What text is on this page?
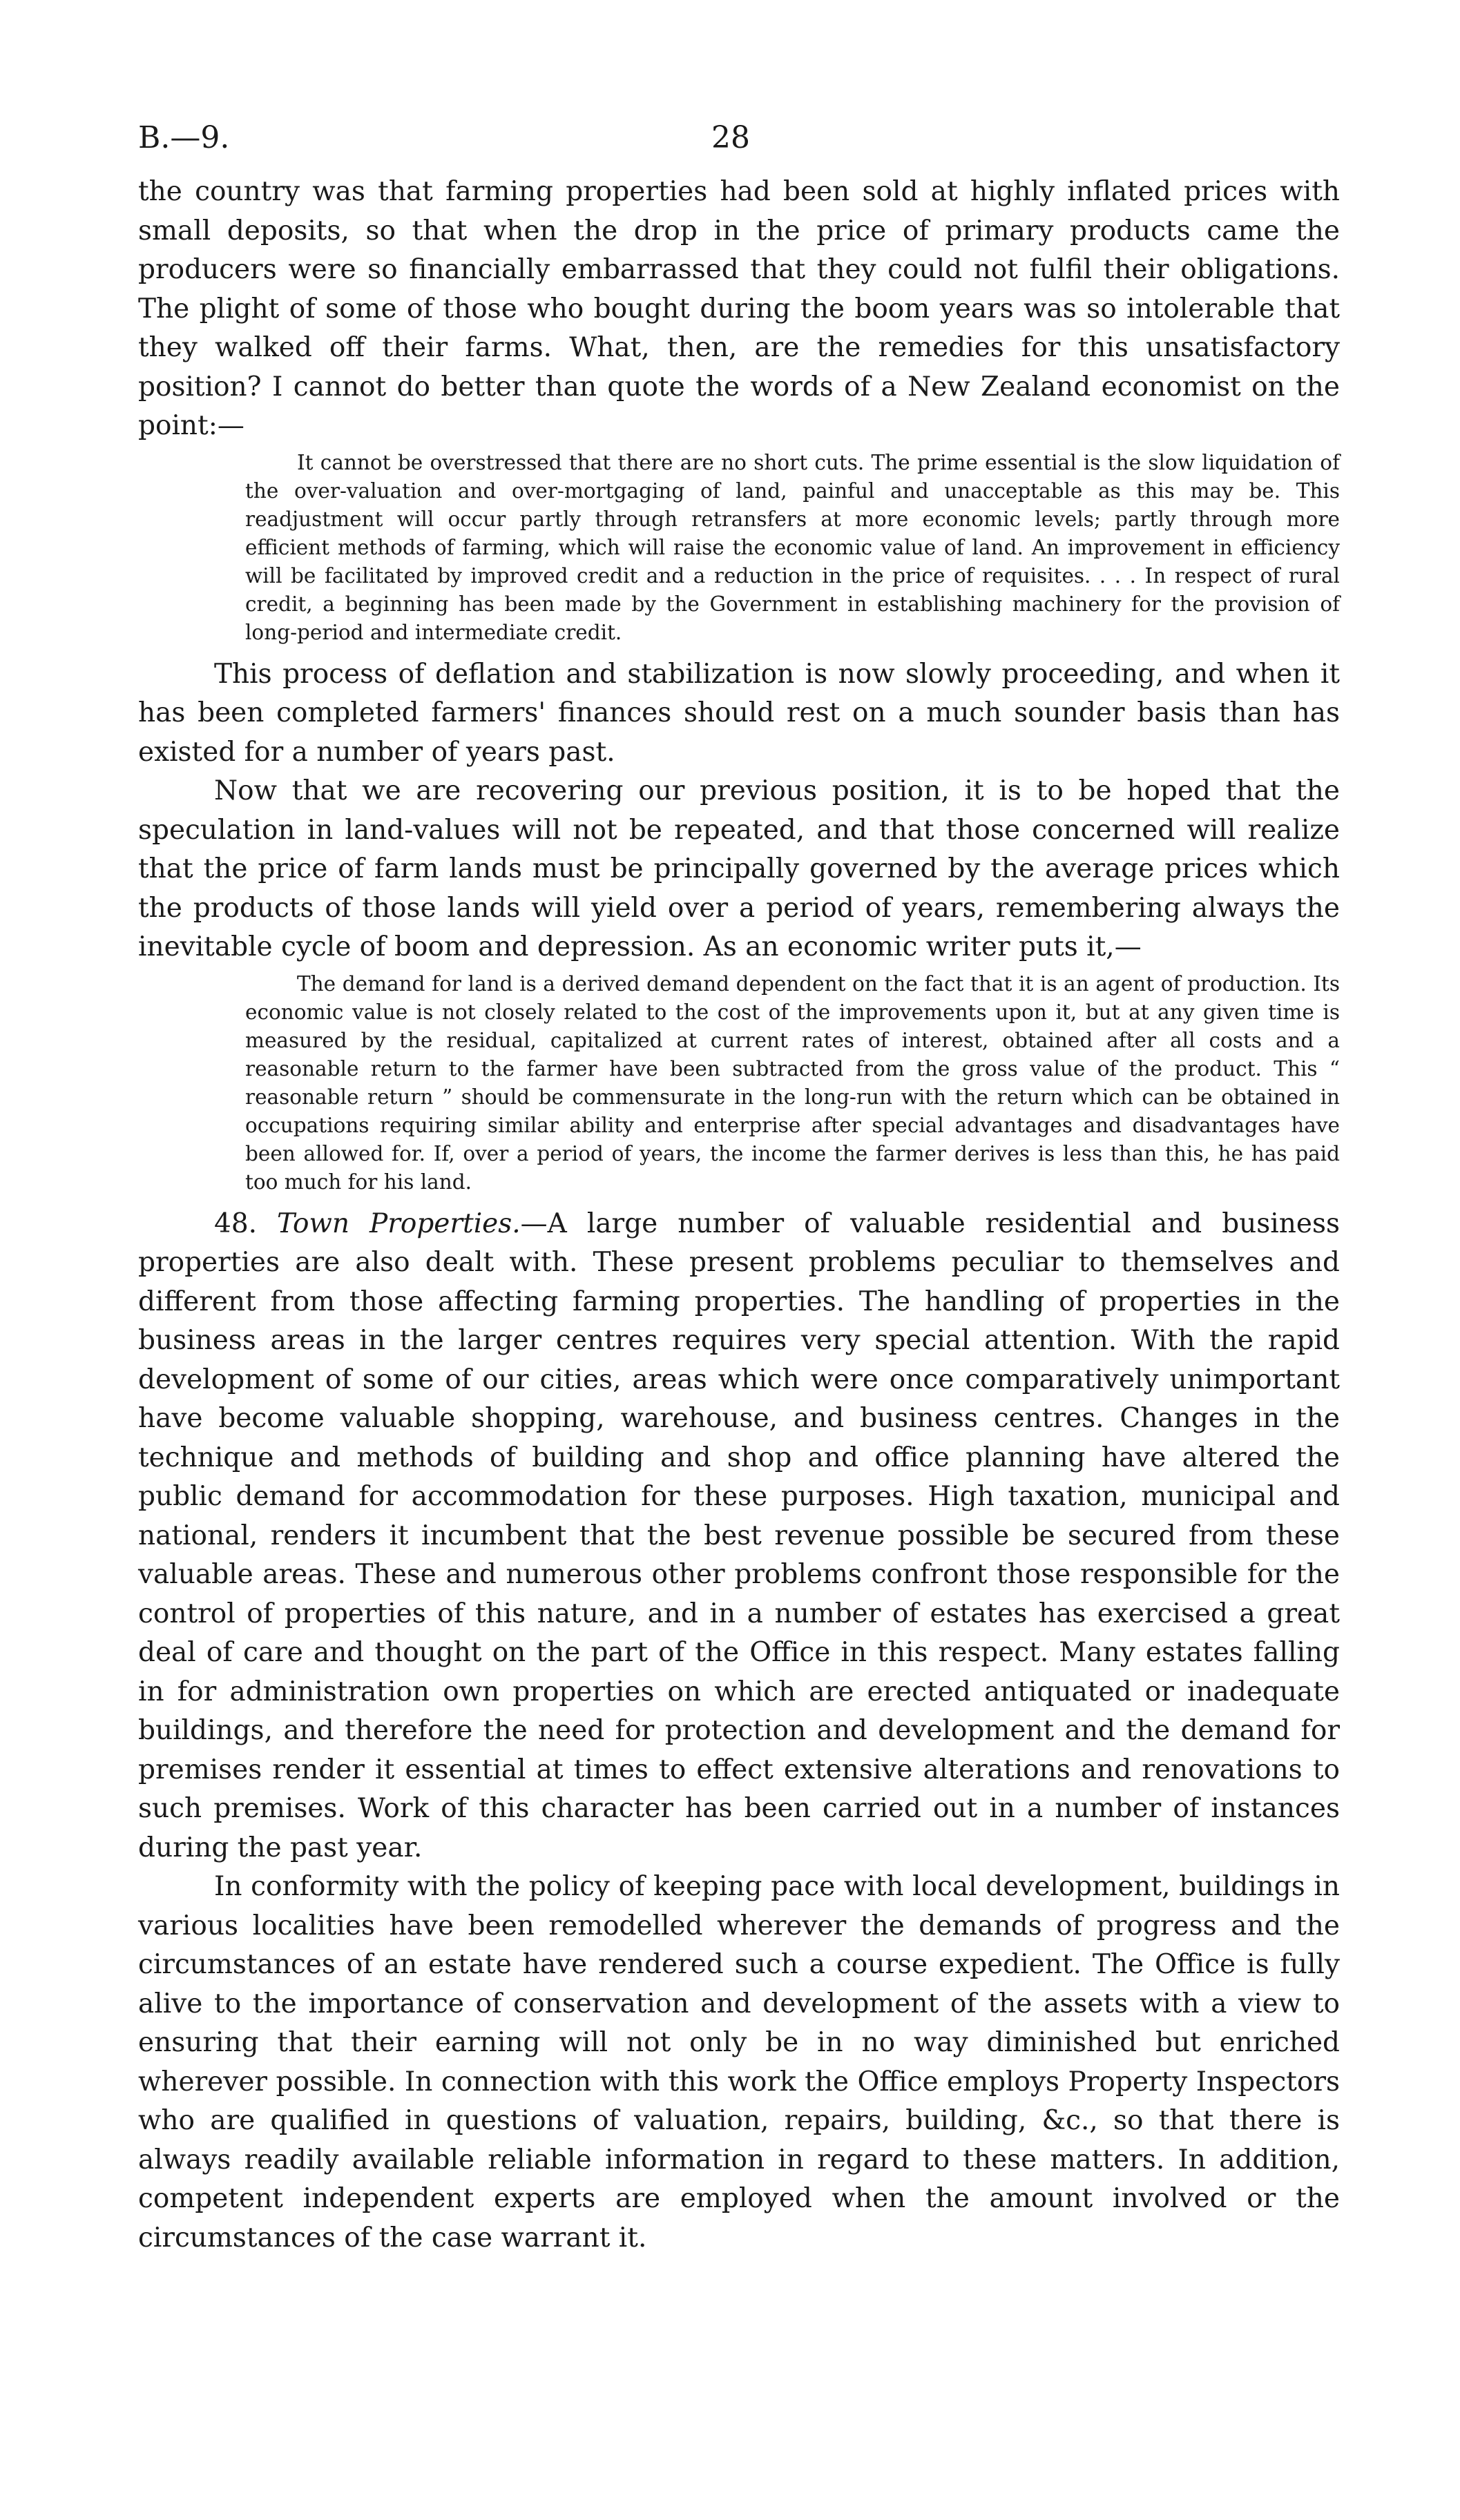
B.—9.	28

the country was that farming properties had been sold at highly inflated prices with small deposits, so that when the drop in the price of primary products came the producers were so financially embarrassed that they could not fulfil their obligations. The plight of some of those who bought during the boom years was so intolerable that they walked off their farms. What, then, are the remedies for this unsatisfactory position? I cannot do better than quote the words of a New Zealand economist on the point:—

It cannot be overstressed that there are no short cuts. The prime essential is the slow liquidation of the over-valuation and over-mortgaging of land, painful and unacceptable as this may be. This readjustment will occur partly through retransfers at more economic levels; partly through more efficient methods of farming, which will raise the economic value of land. An improvement in efficiency will be facilitated by improved credit and a reduction in the price of requisites. . . . In respect of rural credit, a beginning has been made by the Government in establishing machinery for the provision of long-period and intermediate credit.

This process of deflation and stabilization is now slowly proceeding, and when it has been completed farmers' finances should rest on a much sounder basis than has existed for a number of years past.

Now that we are recovering our previous position, it is to be hoped that the speculation in land-values will not be repeated, and that those concerned will realize that the price of farm lands must be principally governed by the average prices which the products of those lands will yield over a period of years, remembering always the inevitable cycle of boom and depression. As an economic writer puts it,—

The demand for land is a derived demand dependent on the fact that it is an agent of production. Its economic value is not closely related to the cost of the improvements upon it, but at any given time is measured by the residual, capitalized at current rates of interest, obtained after all costs and a reasonable return to the farmer have been subtracted from the gross value of the product. This “ reasonable return ” should be commensurate in the long-run with the return which can be obtained in occupations requiring similar ability and enterprise after special advantages and disadvantages have been allowed for. If, over a period of years, the income the farmer derives is less than this, he has paid too much for his land.

48. Town Properties.—A large number of valuable residential and business properties are also dealt with. These present problems peculiar to themselves and different from those affecting farming properties. The handling of properties in the business areas in the larger centres requires very special attention. With the rapid development of some of our cities, areas which were once comparatively unimportant have become valuable shopping, warehouse, and business centres. Changes in the technique and methods of building and shop and office planning have altered the public demand for accommodation for these purposes. High taxation, municipal and national, renders it incumbent that the best revenue possible be secured from these valuable areas. These and numerous other problems confront those responsible for the control of properties of this nature, and in a number of estates has exercised a great deal of care and thought on the part of the Office in this respect. Many estates falling in for administration own properties on which are erected antiquated or inadequate buildings, and therefore the need for protection and development and the demand for premises render it essential at times to effect extensive alterations and renovations to such premises. Work of this character has been carried out in a number of instances during the past year.

In conformity with the policy of keeping pace with local development, buildings in various localities have been remodelled wherever the demands of progress and the circumstances of an estate have rendered such a course expedient. The Office is fully alive to the importance of conservation and development of the assets with a view to ensuring that their earning will not only be in no way diminished but enriched wherever possible. In connection with this work the Office employs Property Inspectors who are qualified in questions of valuation, repairs, building, &c., so that there is always readily available reliable information in regard to these matters. In addition, competent independent experts are employed when the amount involved or the circumstances of the case warrant it.
